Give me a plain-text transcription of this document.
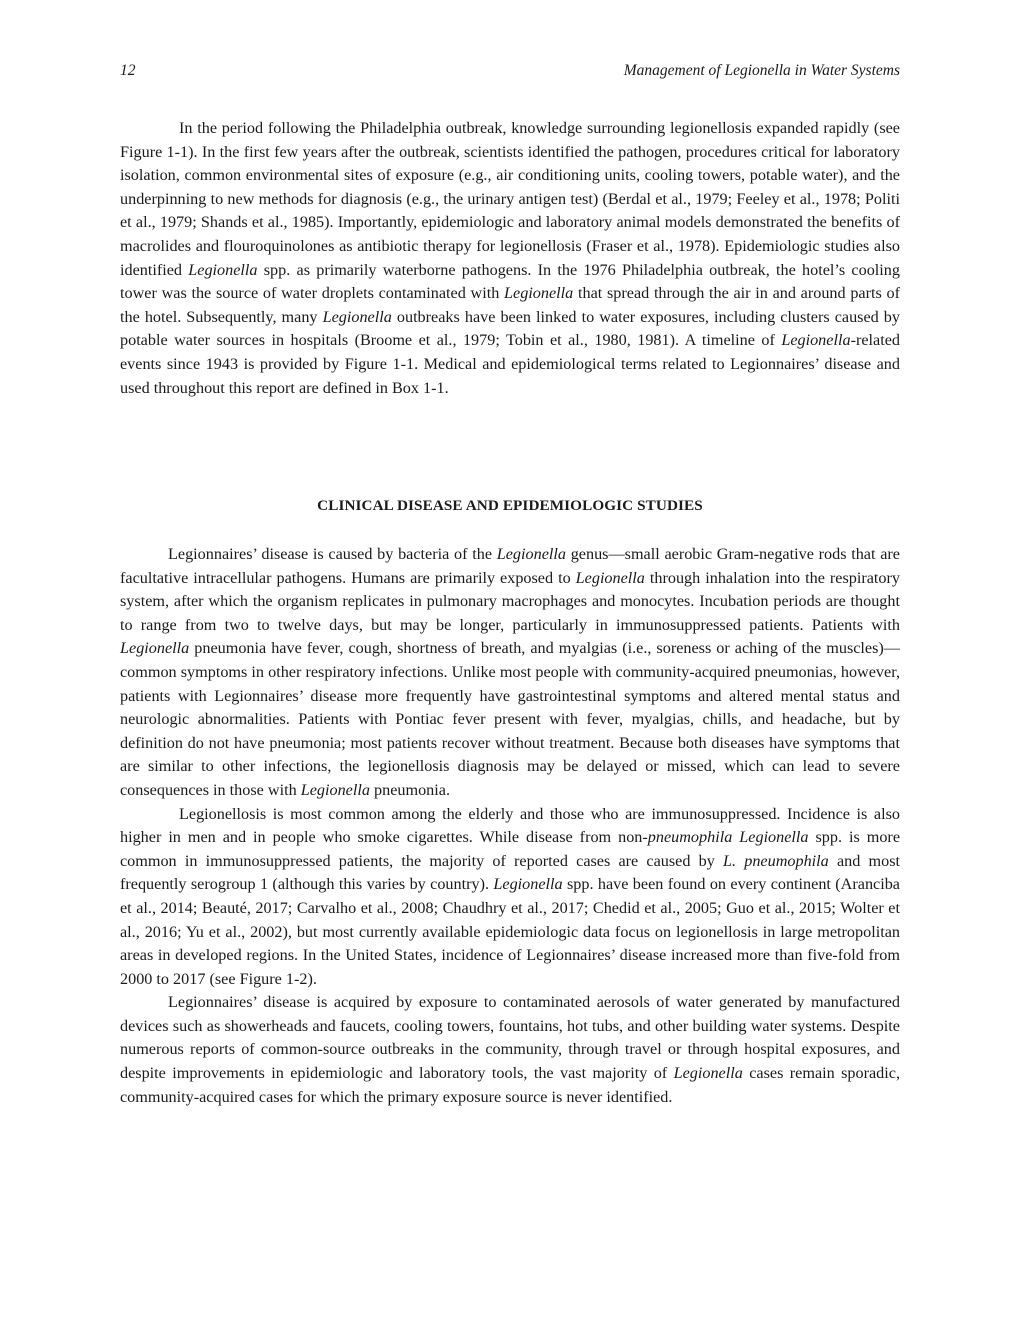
12	Management of Legionella in Water Systems

In the period following the Philadelphia outbreak, knowledge surrounding legionellosis expanded rapidly (see Figure 1-1). In the first few years after the outbreak, scientists identified the pathogen, procedures critical for laboratory isolation, common environmental sites of exposure (e.g., air conditioning units, cooling towers, potable water), and the underpinning to new methods for diagnosis (e.g., the urinary antigen test) (Berdal et al., 1979; Feeley et al., 1978; Politi et al., 1979; Shands et al., 1985). Importantly, epidemiologic and laboratory animal models demonstrated the benefits of macrolides and flouroquinolones as antibiotic therapy for legionellosis (Fraser et al., 1978). Epidemiologic studies also identified Legionella spp. as primarily waterborne pathogens. In the 1976 Philadelphia outbreak, the hotel’s cooling tower was the source of water droplets contaminated with Legionella that spread through the air in and around parts of the hotel. Subsequently, many Legionella outbreaks have been linked to water exposures, including clusters caused by potable water sources in hospitals (Broome et al., 1979; Tobin et al., 1980, 1981). A timeline of Legionella-related events since 1943 is provided by Figure 1-1. Medical and epidemiological terms related to Legionnaires’ disease and used throughout this report are defined in Box 1-1.

CLINICAL DISEASE AND EPIDEMIOLOGIC STUDIES

Legionnaires’ disease is caused by bacteria of the Legionella genus—small aerobic Gram-negative rods that are facultative intracellular pathogens. Humans are primarily exposed to Legionella through inhalation into the respiratory system, after which the organism replicates in pulmonary macrophages and monocytes. Incubation periods are thought to range from two to twelve days, but may be longer, particularly in immunosuppressed patients. Patients with Legionella pneumonia have fever, cough, shortness of breath, and myalgias (i.e., soreness or aching of the muscles)—common symptoms in other respiratory infections. Unlike most people with community-acquired pneumonias, however, patients with Legionnaires’ disease more frequently have gastrointestinal symptoms and altered mental status and neurologic abnormalities. Patients with Pontiac fever present with fever, myalgias, chills, and headache, but by definition do not have pneumonia; most patients recover without treatment. Because both diseases have symptoms that are similar to other infections, the legionellosis diagnosis may be delayed or missed, which can lead to severe consequences in those with Legionella pneumonia.

Legionellosis is most common among the elderly and those who are immunosuppressed. Incidence is also higher in men and in people who smoke cigarettes. While disease from non-pneumophila Legionella spp. is more common in immunosuppressed patients, the majority of reported cases are caused by L. pneumophila and most frequently serogroup 1 (although this varies by country). Legionella spp. have been found on every continent (Aranciba et al., 2014; Beauté, 2017; Carvalho et al., 2008; Chaudhry et al., 2017; Chedid et al., 2005; Guo et al., 2015; Wolter et al., 2016; Yu et al., 2002), but most currently available epidemiologic data focus on legionellosis in large metropolitan areas in developed regions. In the United States, incidence of Legionnaires’ disease increased more than five-fold from 2000 to 2017 (see Figure 1-2).

Legionnaires’ disease is acquired by exposure to contaminated aerosols of water generated by manufactured devices such as showerheads and faucets, cooling towers, fountains, hot tubs, and other building water systems. Despite numerous reports of common-source outbreaks in the community, through travel or through hospital exposures, and despite improvements in epidemiologic and laboratory tools, the vast majority of Legionella cases remain sporadic, community-acquired cases for which the primary exposure source is never identified.
